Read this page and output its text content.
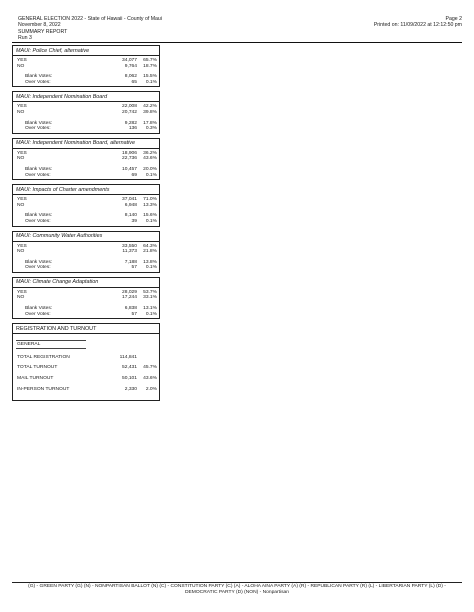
GENERAL ELECTION 2022 - State of Hawaii - County of Maui
November 8, 2022
SUMMARY REPORT
Run 3
Page 2
Printed on: 11/09/2022 at 12:12:50 pm
MAUI: Police Chief, alternative
YES	34,077	65.7%
NO	9,764	18.7%
Blank Votes:	8,062	15.5%
Over Votes:	65	0.1%
MAUI: Independent Nomination Board
YES	22,008	42.2%
NO	20,742	39.8%
Blank Votes:	9,282	17.8%
Over Votes:	136	0.3%
MAUI: Independent Nomination Board, alternative
YES	18,906	36.2%
NO	22,736	43.6%
Blank Votes:	10,457	20.0%
Over Votes:	69	0.1%
MAUI: Impacts of Charter amendments
YES	37,041	71.0%
NO	6,948	13.3%
Blank Votes:	8,140	15.6%
Over Votes:	39	0.1%
MAUI: Community Water Authorities
YES	33,550	64.3%
NO	11,373	21.8%
Blank Votes:	7,188	13.8%
Over Votes:	57	0.1%
MAUI: Climate Change Adaptation
YES	28,029	53.7%
NO	17,244	33.1%
Blank Votes:	6,838	13.1%
Over Votes:	57	0.1%
REGISTRATION AND TURNOUT
GENERAL
TOTAL REGISTRATION	114,841
TOTAL TURNOUT	52,431	45.7%
MAIL TURNOUT	50,101	43.6%
IN-PERSON TURNOUT	2,330	2.0%
(G) - GREEN PARTY (G) (N) - NONPARTISAN BALLOT (N) (C) - CONSTITUTION PARTY (C) (A) - ALOHA AINA PARTY (A) (R) - REPUBLICAN PARTY (R) (L) - LIBERTARIAN PARTY (L) (D) -
DEMOCRATIC PARTY (D) (NON) - Nonpartisan
